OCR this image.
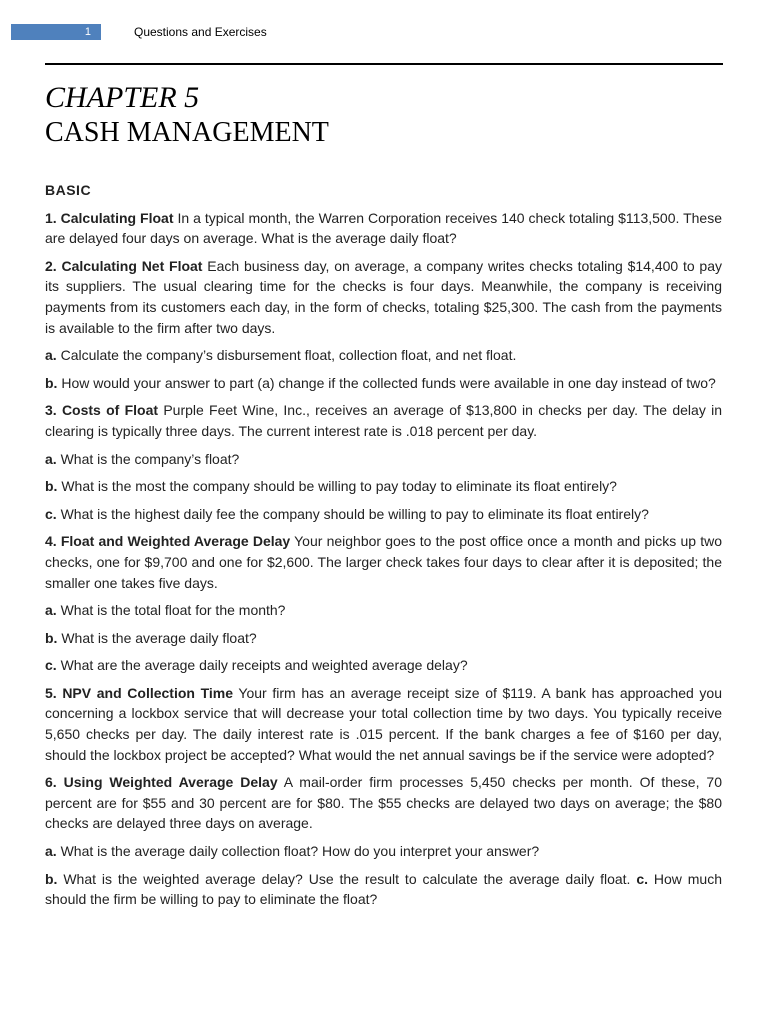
1	Questions and Exercises
CHAPTER 5
CASH MANAGEMENT
BASIC

1. Calculating Float In a typical month, the Warren Corporation receives 140 check totaling $113,500. These are delayed four days on average. What is the average daily float?

2. Calculating Net Float Each business day, on average, a company writes checks totaling $14,400 to pay its suppliers. The usual clearing time for the checks is four days. Meanwhile, the company is receiving payments from its customers each day, in the form of checks, totaling $25,300. The cash from the payments is available to the firm after two days.

a. Calculate the company’s disbursement float, collection float, and net float.

b. How would your answer to part (a) change if the collected funds were available in one day instead of two?

3. Costs of Float Purple Feet Wine, Inc., receives an average of $13,800 in checks per day. The delay in clearing is typically three days. The current interest rate is .018 percent per day.

a. What is the company’s float?

b. What is the most the company should be willing to pay today to eliminate its float entirely?

c. What is the highest daily fee the company should be willing to pay to eliminate its float entirely?

4. Float and Weighted Average Delay Your neighbor goes to the post office once a month and picks up two checks, one for $9,700 and one for $2,600. The larger check takes four days to clear after it is deposited; the smaller one takes five days.

a. What is the total float for the month?

b. What is the average daily float?

c. What are the average daily receipts and weighted average delay?

5. NPV and Collection Time Your firm has an average receipt size of $119. A bank has approached you concerning a lockbox service that will decrease your total collection time by two days. You typically receive 5,650 checks per day. The daily interest rate is .015 percent. If the bank charges a fee of $160 per day, should the lockbox project be accepted? What would the net annual savings be if the service were adopted?

6. Using Weighted Average Delay A mail-order firm processes 5,450 checks per month. Of these, 70 percent are for $55 and 30 percent are for $80. The $55 checks are delayed two days on average; the $80 checks are delayed three days on average.

a. What is the average daily collection float? How do you interpret your answer?

b. What is the weighted average delay? Use the result to calculate the average daily float. c. How much should the firm be willing to pay to eliminate the float?
